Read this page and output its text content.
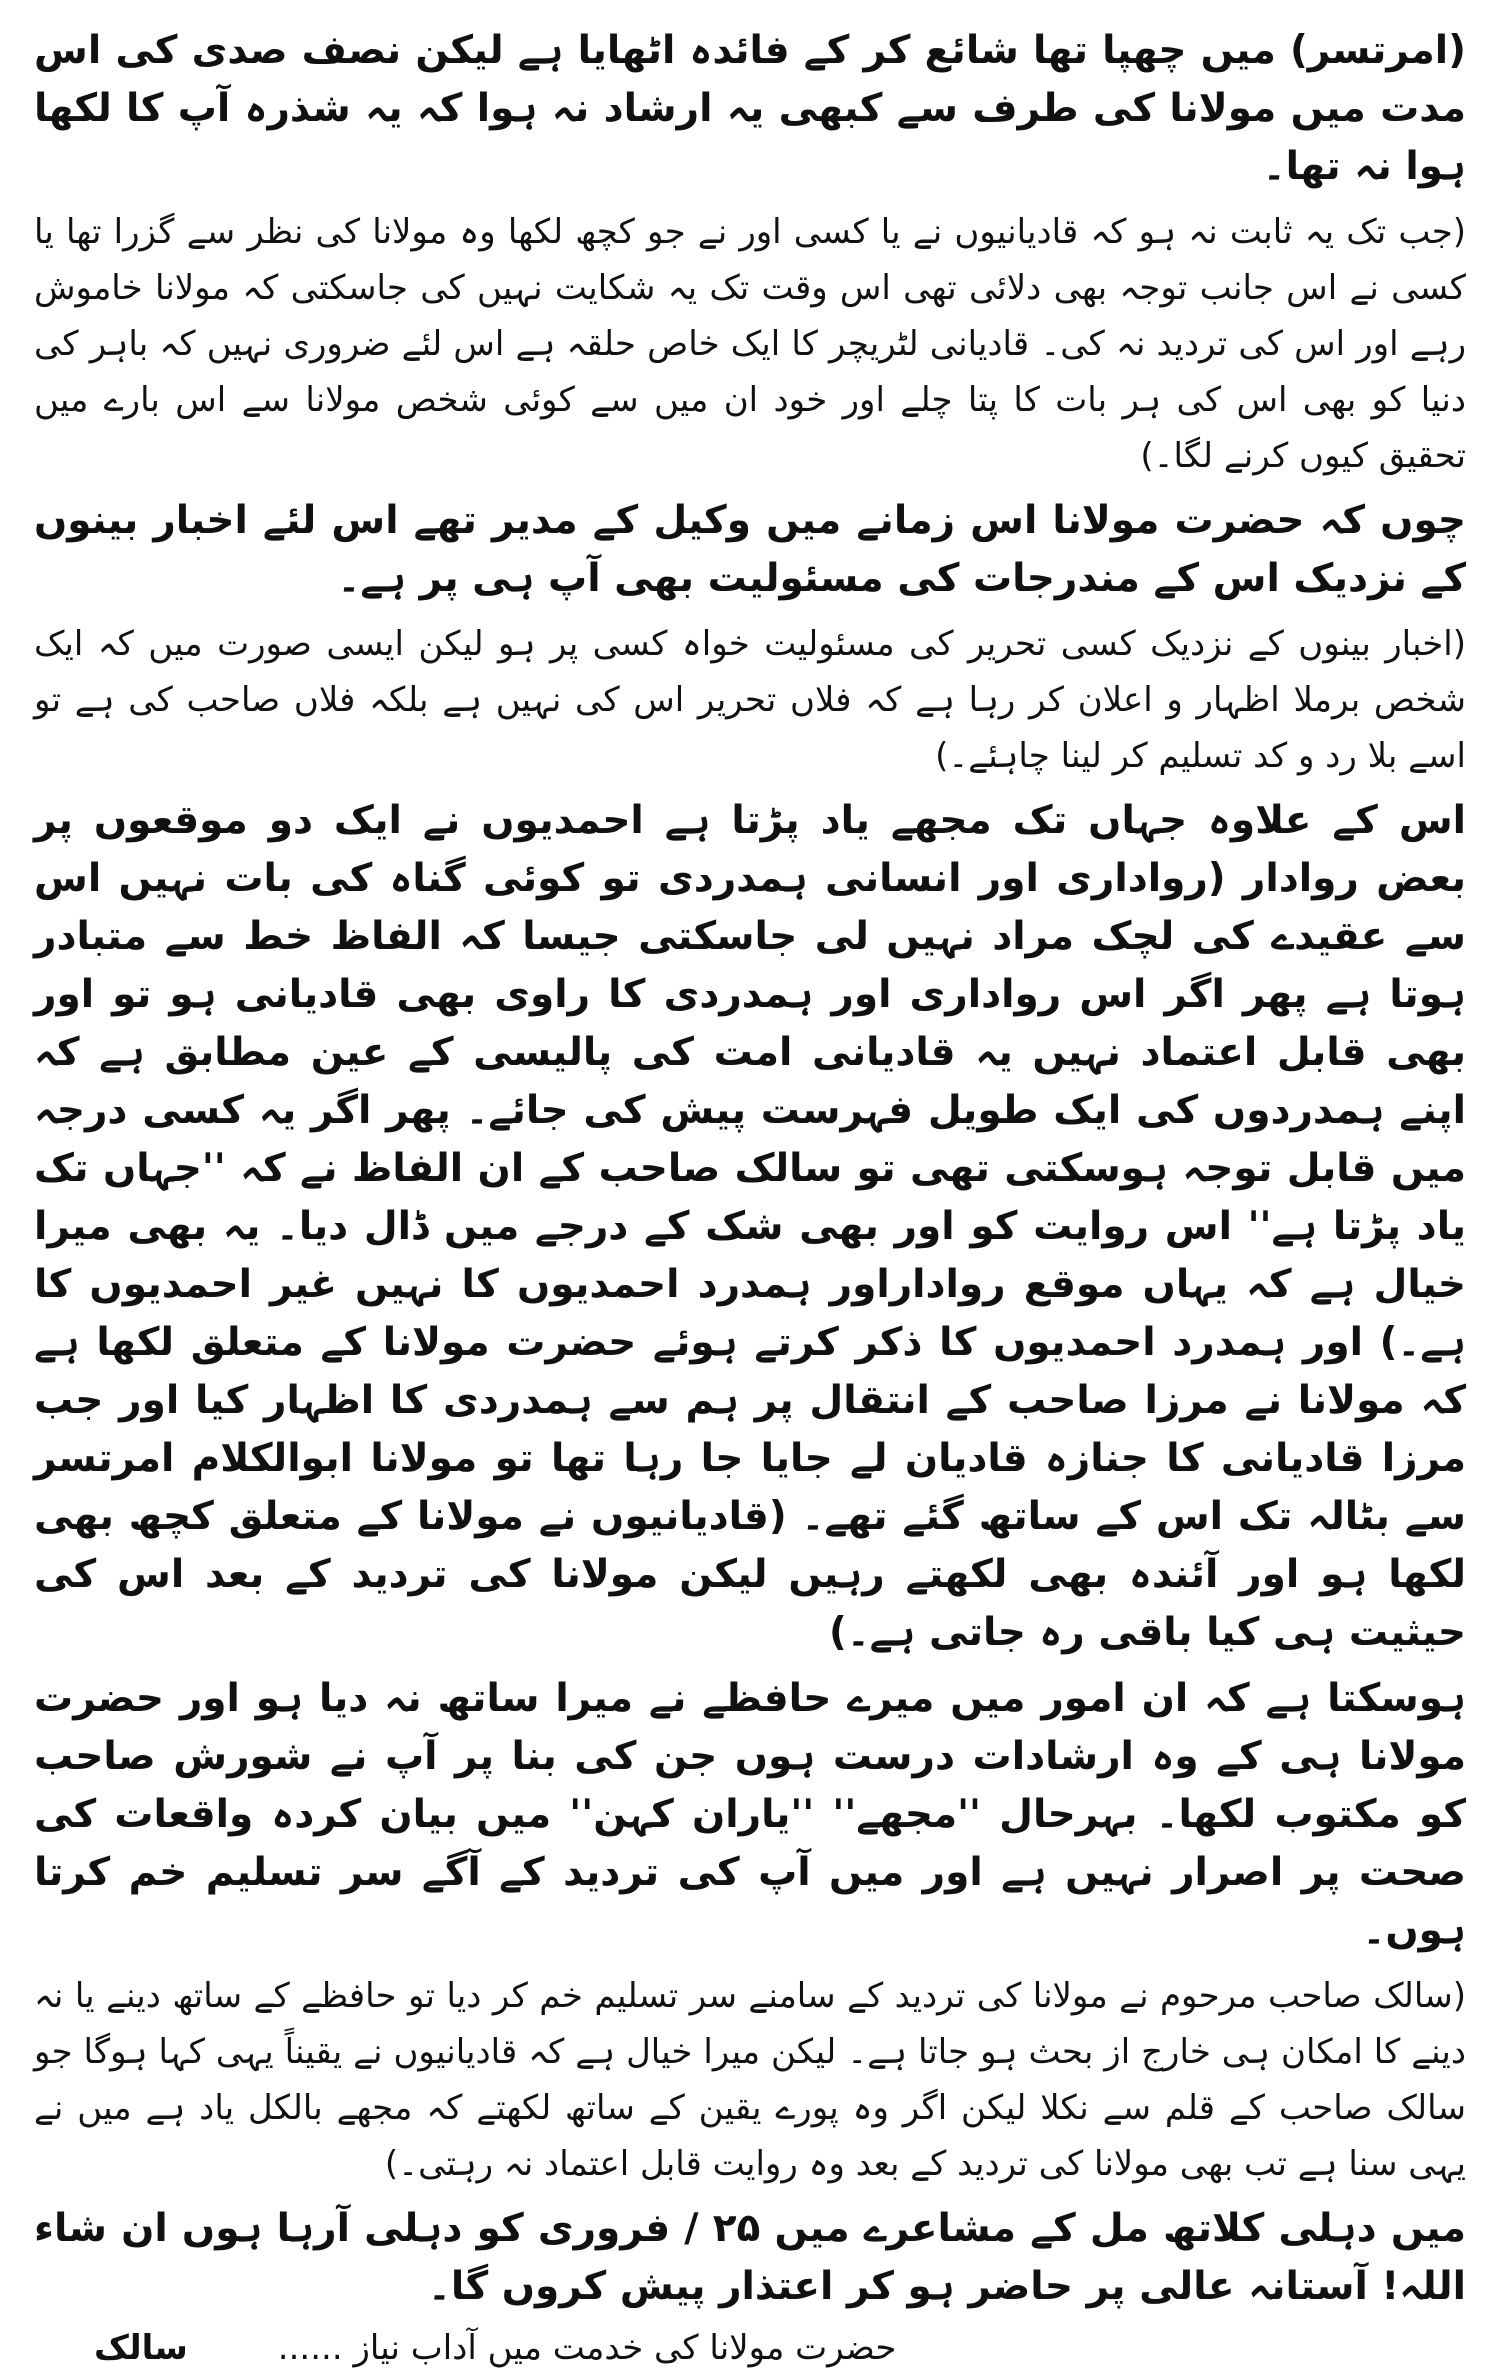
(امرتسر) میں چھپا تھا شائع کر کے فائدہ اٹھایا ہے لیکن نصف صدی کی اس مدت میں مولانا کی طرف سے کبھی یہ ارشاد نہ ہوا کہ یہ شذرہ آپ کا لکھا ہوا نہ تھا۔

(جب تک یہ ثابت نہ ہو کہ قادیانیوں نے یا کسی اور نے جو کچھ لکھا وہ مولانا کی نظر سے گزرا تھا یا کسی نے اس جانب توجہ بھی دلائی تھی اس وقت تک یہ شکایت نہیں کی جاسکتی کہ مولانا خاموش رہے اور اس کی تردید نہ کی۔ قادیانی لٹریچر کا ایک خاص حلقہ ہے اس لئے ضروری نہیں کہ باہر کی دنیا کو بھی اس کی ہر بات کا پتا چلے اور خود ان میں سے کوئی شخص مولانا سے اس بارے میں تحقیق کیوں کرنے لگا۔)

چوں کہ حضرت مولانا اس زمانے میں وکیل کے مدیر تھے اس لئے اخبار بینوں کے نزدیک اس کے مندرجات کی مسئولیت بھی آپ ہی پر ہے۔

(اخبار بینوں کے نزدیک کسی تحریر کی مسئولیت خواہ کسی پر ہو لیکن ایسی صورت میں کہ ایک شخص برملا اظہار و اعلان کر رہا ہے کہ فلاں تحریر اس کی نہیں ہے بلکہ فلاں صاحب کی ہے تو اسے بلا رد و کد تسلیم کر لینا چاہئے۔)

اس کے علاوہ جہاں تک مجھے یاد پڑتا ہے احمدیوں نے ایک دو موقعوں پر بعض روادار (رواداری اور انسانی ہمدردی تو کوئی گناہ کی بات نہیں اس سے عقیدے کی لچک مراد نہیں لی جاسکتی جیسا کہ الفاظ خط سے متبادر ہوتا ہے پھر اگر اس رواداری اور ہمدردی کا راوی بھی قادیانی ہو تو اور بھی قابل اعتماد نہیں یہ قادیانی امت کی پالیسی کے عین مطابق ہے کہ اپنے ہمدردوں کی ایک طویل فہرست پیش کی جائے۔ پھر اگر یہ کسی درجہ میں قابل توجہ ہوسکتی تھی تو سالک صاحب کے ان الفاظ نے کہ ''جہاں تک یاد پڑتا ہے'' اس روایت کو اور بھی شک کے درجے میں ڈال دیا۔ یہ بھی میرا خیال ہے کہ یہاں موقع رواداراور ہمدرد احمدیوں کا نہیں غیر احمدیوں کا ہے۔) اور ہمدرد احمدیوں کا ذکر کرتے ہوئے حضرت مولانا کے متعلق لکھا ہے کہ مولانا نے مرزا صاحب کے انتقال پر ہم سے ہمدردی کا اظہار کیا اور جب مرزا قادیانی کا جنازہ قادیان لے جایا جا رہا تھا تو مولانا ابوالکلام امرتسر سے بٹالہ تک اس کے ساتھ گئے تھے۔ (قادیانیوں نے مولانا کے متعلق کچھ بھی لکھا ہو اور آئندہ بھی لکھتے رہیں لیکن مولانا کی تردید کے بعد اس کی حیثیت ہی کیا باقی رہ جاتی ہے۔)

ہوسکتا ہے کہ ان امور میں میرے حافظے نے میرا ساتھ نہ دیا ہو اور حضرت مولانا ہی کے وہ ارشادات درست ہوں جن کی بنا پر آپ نے شورش صاحب کو مکتوب لکھا۔ بہرحال ''مجھے'' ''یاران کہن'' میں بیان کردہ واقعات کی صحت پر اصرار نہیں ہے اور میں آپ کی تردید کے آگے سر تسلیم خم کرتا ہوں۔

(سالک صاحب مرحوم نے مولانا کی تردید کے سامنے سر تسلیم خم کر دیا تو حافظے کے ساتھ دینے یا نہ دینے کا امکان ہی خارج از بحث ہو جاتا ہے۔ لیکن میرا خیال ہے کہ قادیانیوں نے یقیناً یہی کہا ہوگا جو سالک صاحب کے قلم سے نکلا لیکن اگر وہ پورے یقین کے ساتھ لکھتے کہ مجھے بالکل یاد ہے میں نے یہی سنا ہے تب بھی مولانا کی تردید کے بعد وہ روایت قابل اعتماد نہ رہتی۔)

میں دہلی کلاتھ مل کے مشاعرے میں ۲۵ / فروری کو دہلی آرہا ہوں ان شاء اللہ! آستانہ عالی پر حاضر ہو کر اعتذار پیش کروں گا۔

حضرت مولانا کی خدمت میں آداب نیاز ......
سالک
